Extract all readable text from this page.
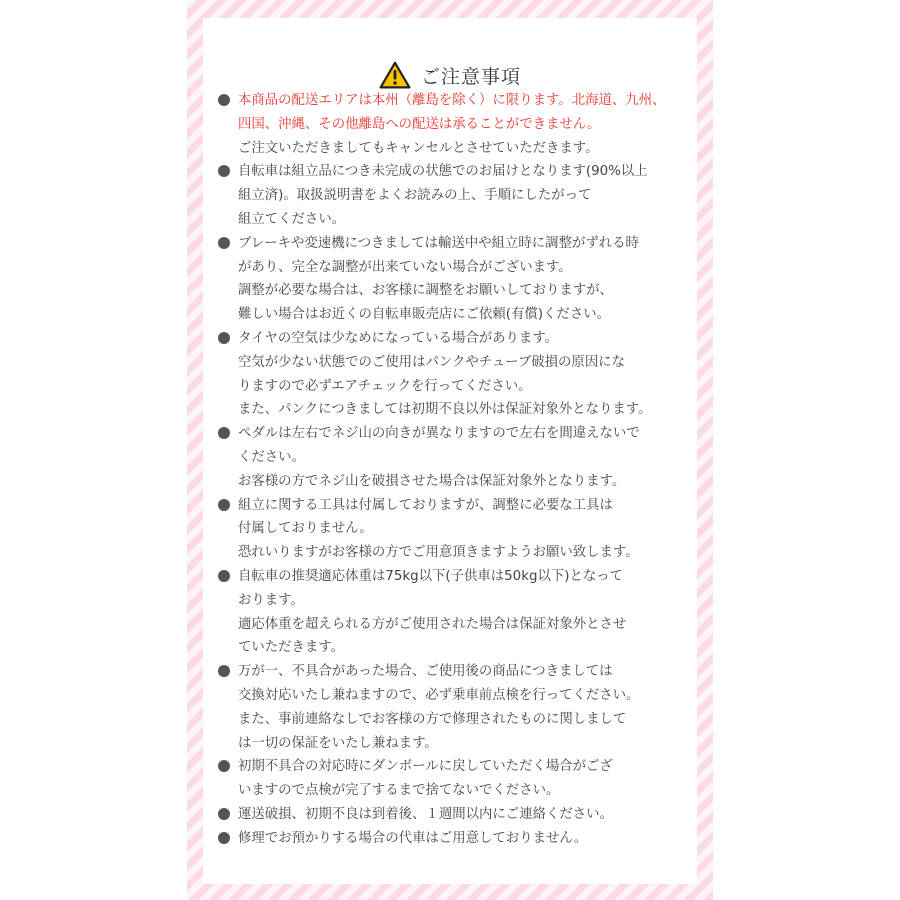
ご注意事項
本商品の配送エリアは本州（離島を除く）に限ります。北海道、九州、
四国、沖縄、その他離島への配送は承ることができません。
ご注文いただきましてもキャンセルとさせていただきます。
自転車は組立品につき未完成の状態でのお届けとなります(90%以上
組立済)。取扱説明書をよくお読みの上、手順にしたがって
組立てください。
ブレーキや変速機につきましては輸送中や組立時に調整がずれる時
があり、完全な調整が出来ていない場合がございます。
調整が必要な場合は、お客様に調整をお願いしておりますが、
難しい場合はお近くの自転車販売店にご依頼(有償)ください。
タイヤの空気は少なめになっている場合があります。
空気が少ない状態でのご使用はパンクやチューブ破損の原因にな
りますので必ずエアチェックを行ってください。
また、パンクにつきましては初期不良以外は保証対象外となります。
ペダルは左右でネジ山の向きが異なりますので左右を間違えないで
ください。
お客様の方でネジ山を破損させた場合は保証対象外となります。
組立に関する工具は付属しておりますが、調整に必要な工具は
付属しておりません。
恐れいりますがお客様の方でご用意頂きますようお願い致します。
自転車の推奨適応体重は75kg以下(子供車は50kg以下)となって
おります。
適応体重を超えられる方がご使用された場合は保証対象外とさせ
ていただきます。
万が一、不具合があった場合、ご使用後の商品につきましては
交換対応いたし兼ねますので、必ず乗車前点検を行ってください。
また、事前連絡なしでお客様の方で修理されたものに関しまして
は一切の保証をいたし兼ねます。
初期不具合の対応時にダンボールに戻していただく場合がござ
いますので点検が完了するまで捨てないでください。
運送破損、初期不良は到着後、１週間以内にご連絡ください。
修理でお預かりする場合の代車はご用意しておりません。
